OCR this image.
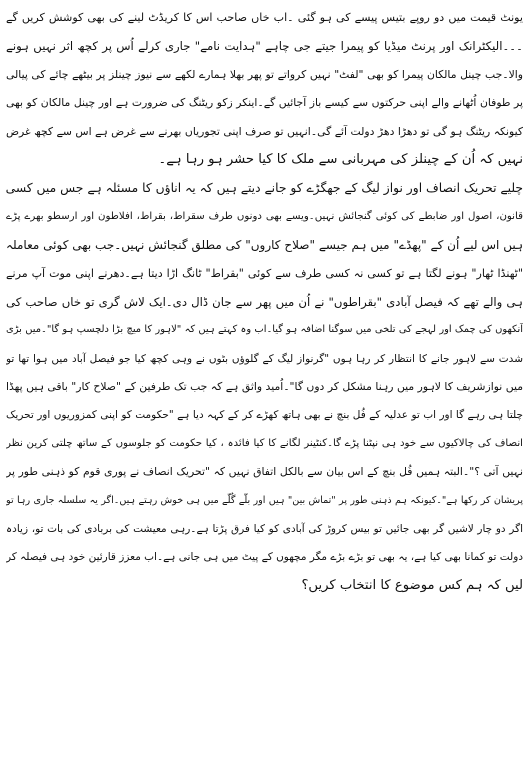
یونٹ قیمت میں دو روپے بتیس پیسے کی ہو گئی ۔اب خاں صاحب اس کا کریڈٹ لینے کی بھی کوشش کریں گے
۔۔۔الیکٹرانک اور پرنٹ میڈیا کو پیمرا جیتے جی چاہے "ہدایت نامے" جاری کرلے اُس پر کچھ اثر نہیں ہونے
والا۔جب چینل مالکان پیمرا کو بھی "لفٹ" نہیں کرواتے تو پھر بھلا ہمارے لکھے سے نیوز چینلز پر بیٹھے چائے کی پیالی
پر طوفان اُٹھانے والے اپنی حرکتوں سے کیسے باز آجائیں گے۔اینکر زکو ریٹنگ کی ضرورت ہے اور چینل مالکان کو بھی
کیونکہ ریٹنگ ہو گی تو دھڑا دھڑ دولت آئے گی۔انہیں تو صرف اپنی تجوریاں بھرنے سے غرض ہے اس سے کچھ غرض
نہیں کہ اُن کے چینلز کی مہربانی سے ملک کا کیا حشر ہو رہا ہے۔
چلیے تحریک انصاف اور نواز لیگ کے جھگڑے کو جانے دیتے ہیں کہ یہ اناؤں کا مسئلہ ہے جس میں کسی
قانون، اصول اور ضابطے کی کوئی گنجائش نہیں۔ویسے بھی دونوں طرف سقراط، بقراط، افلاطون اور ارسطو بھرے پڑے
ہیں اس لیے اُن کے "پھڈے" میں ہم جیسے "صلاح کاروں" کی مطلق گنجائش نہیں۔جب بھی کوئی معاملہ
"ٹھنڈا ٹھار" ہونے لگتا ہے تو کسی نہ کسی طرف سے کوئی "بقراط" ٹانگ اڑا دیتا ہے۔دھرنے اپنی موت آپ مرنے
ہی والے تھے کہ فیصل آبادی "بقراطوں" نے اُن میں پھر سے جان ڈال دی۔ایک لاش گری تو خاں صاحب کی
آنکھوں کی چمک اور لہجے کی تلخی میں سوگنا اضافہ ہو گیا۔اب وہ کہتے ہیں کہ "لاہور کا میچ بڑا دلچسپ ہو گا"۔میں بڑی
شدت سے لاہور جانے کا انتظار کر رہا ہوں "گرنواز لیگ کے گلوؤں بٹوں نے وہی کچھ کیا جو فیصل آباد میں ہوا تھا تو
میں نوازشریف کا لاہور میں رہنا مشکل کر دوں گا"۔اُمید واثق ہے کہ جب تک طرفین کے "صلاح کار" باقی ہیں پھڈا
چلتا ہی رہے گا اور اب تو عدلیہ کے فُل بنچ نے بھی ہاتھ کھڑے کر کے کہہ دیا ہے "حکومت کو اپنی کمزوریوں اور تحریک
انصاف کی چالاکیوں سے خود ہی نپٹنا پڑے گا۔کنٹینر لگانے کا کیا فائدہ ، کیا حکومت کو جلوسوں کے ساتھ چلتی کرین نظر
نہیں آتی ؟"۔البتہ ہمیں فُل بنچ کے اس بیان سے بالکل اتفاق نہیں کہ "تحریک انصاف نے پوری قوم کو ذہنی طور پر
پریشان کر رکھا ہے"۔کیونکہ ہم ذہنی طور پر "تماش بین" ہیں اور بلّے گُلّے میں ہی خوش رہتے ہیں۔اگر یہ سلسلہ جاری رہا تو
اگر دو چار لاشیں گر بھی جائیں تو بیس کروڑ کی آبادی کو کیا فرق پڑتا ہے۔رہی معیشت کی بربادی کی بات تو، زیادہ
دولت تو کمانا بھی کیا ہے، یہ بھی تو بڑے بڑے مگر مچھوں کے پیٹ میں ہی جانی ہے۔اب معزز قارئین خود ہی فیصلہ کر
لیں کہ ہم کس موضوع کا انتخاب کریں؟
